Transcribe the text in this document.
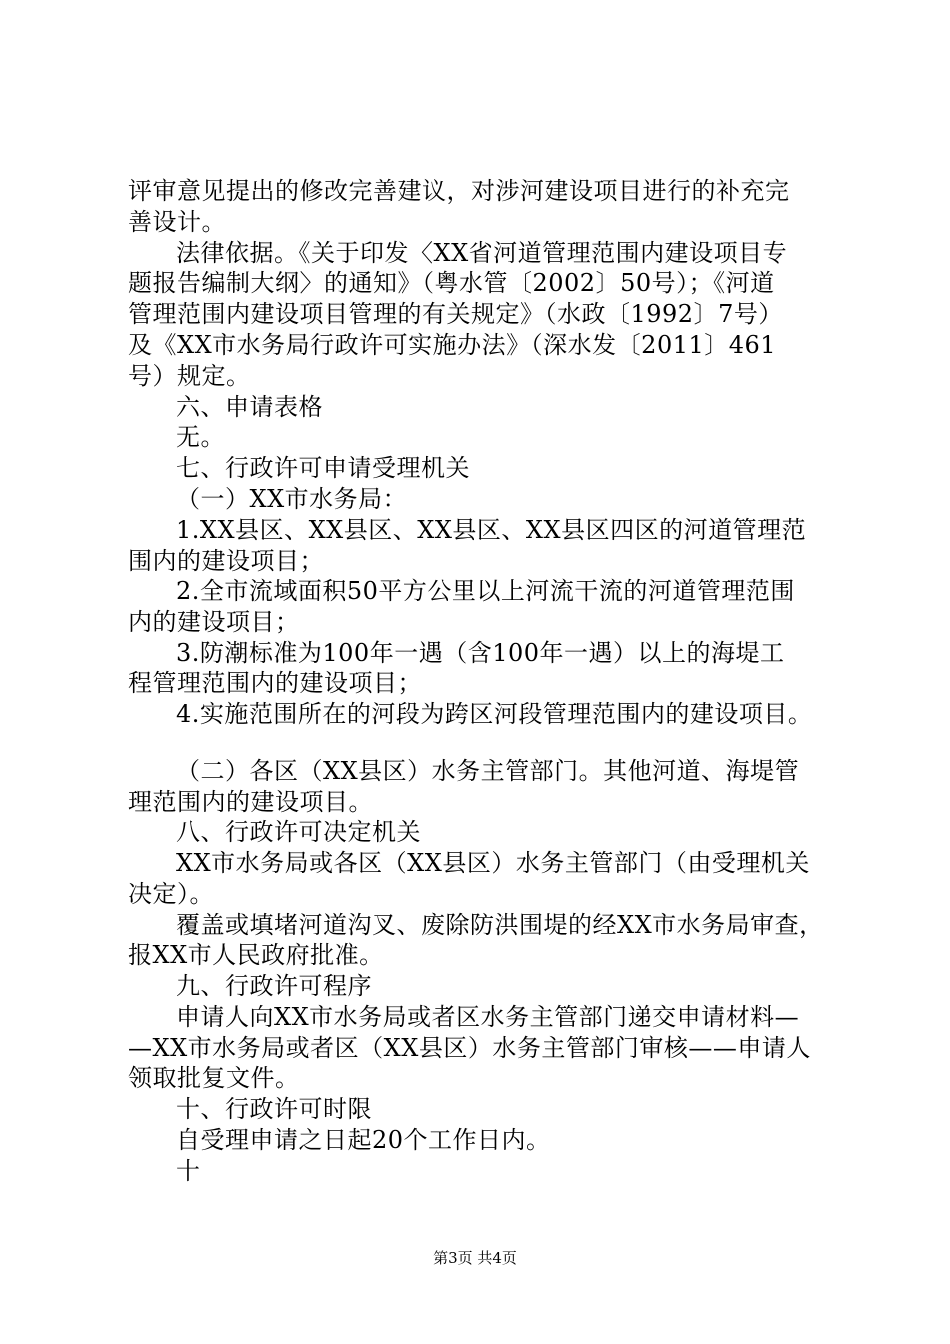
评审意见提出的修改完善建议，对涉河建设项目进行的补充完
善设计。
法律依据。《关于印发〈XX省河道管理范围内建设项目专
题报告编制大纲〉的通知》（粤水管〔2002〕50号）；《河道
管理范围内建设项目管理的有关规定》（水政〔1992〕7号）
及《XX市水务局行政许可实施办法》（深水发〔2011〕461
号）规定。
六、申请表格
无。
七、行政许可申请受理机关
（一）XX市水务局：
1.XX县区、XX县区、XX县区、XX县区四区的河道管理范
围内的建设项目；
2.全市流域面积50平方公里以上河流干流的河道管理范围
内的建设项目；
3.防潮标准为100年一遇（含100年一遇）以上的海堤工
程管理范围内的建设项目；
4.实施范围所在的河段为跨区河段管理范围内的建设项目。
（二）各区（XX县区）水务主管部门。其他河道、海堤管
理范围内的建设项目。
八、行政许可决定机关
XX市水务局或各区（XX县区）水务主管部门（由受理机关
决定）。
覆盖或填堵河道沟叉、废除防洪围堤的经XX市水务局审查，
报XX市人民政府批准。
九、行政许可程序
申请人向XX市水务局或者区水务主管部门递交申请材料—
—XX市水务局或者区（XX县区）水务主管部门审核——申请人
领取批复文件。
十、行政许可时限
自受理申请之日起20个工作日内。
十
第3页 共4页
